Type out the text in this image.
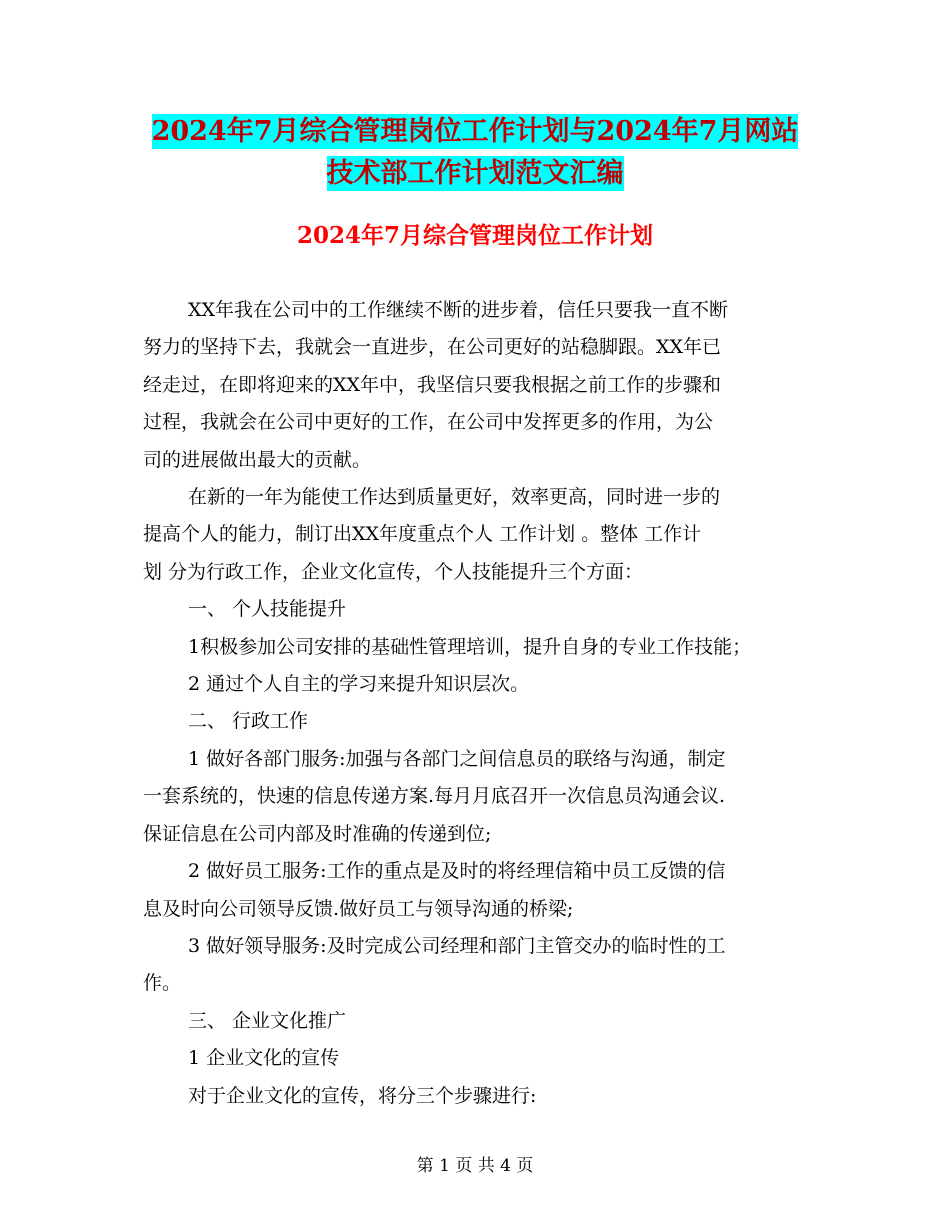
2024年7月综合管理岗位工作计划与2024年7月网站
技术部工作计划范文汇编
2024年7月综合管理岗位工作计划

XX年我在公司中的工作继续不断的进步着，信任只要我一直不断

努力的坚持下去，我就会一直进步，在公司更好的站稳脚跟。XX年已

经走过，在即将迎来的XX年中，我坚信只要我根据之前工作的步骤和

过程，我就会在公司中更好的工作，在公司中发挥更多的作用，为公

司的进展做出最大的贡献。

在新的一年为能使工作达到质量更好，效率更高，同时进一步的

提高个人的能力，制订出XX年度重点个人 工作计划 。整体 工作计

划 分为行政工作，企业文化宣传，个人技能提升三个方面：

一、 个人技能提升

1积极参加公司安排的基础性管理培训，提升自身的专业工作技能；

2 通过个人自主的学习来提升知识层次。

二、 行政工作

1 做好各部门服务:加强与各部门之间信息员的联络与沟通，制定

一套系统的，快速的信息传递方案.每月月底召开一次信息员沟通会议.

保证信息在公司内部及时准确的传递到位;

2 做好员工服务:工作的重点是及时的将经理信箱中员工反馈的信

息及时向公司领导反馈.做好员工与领导沟通的桥梁;

3 做好领导服务:及时完成公司经理和部门主管交办的临时性的工

作。

三、 企业文化推广

1 企业文化的宣传

对于企业文化的宣传，将分三个步骤进行:

第 1 页 共 4 页
